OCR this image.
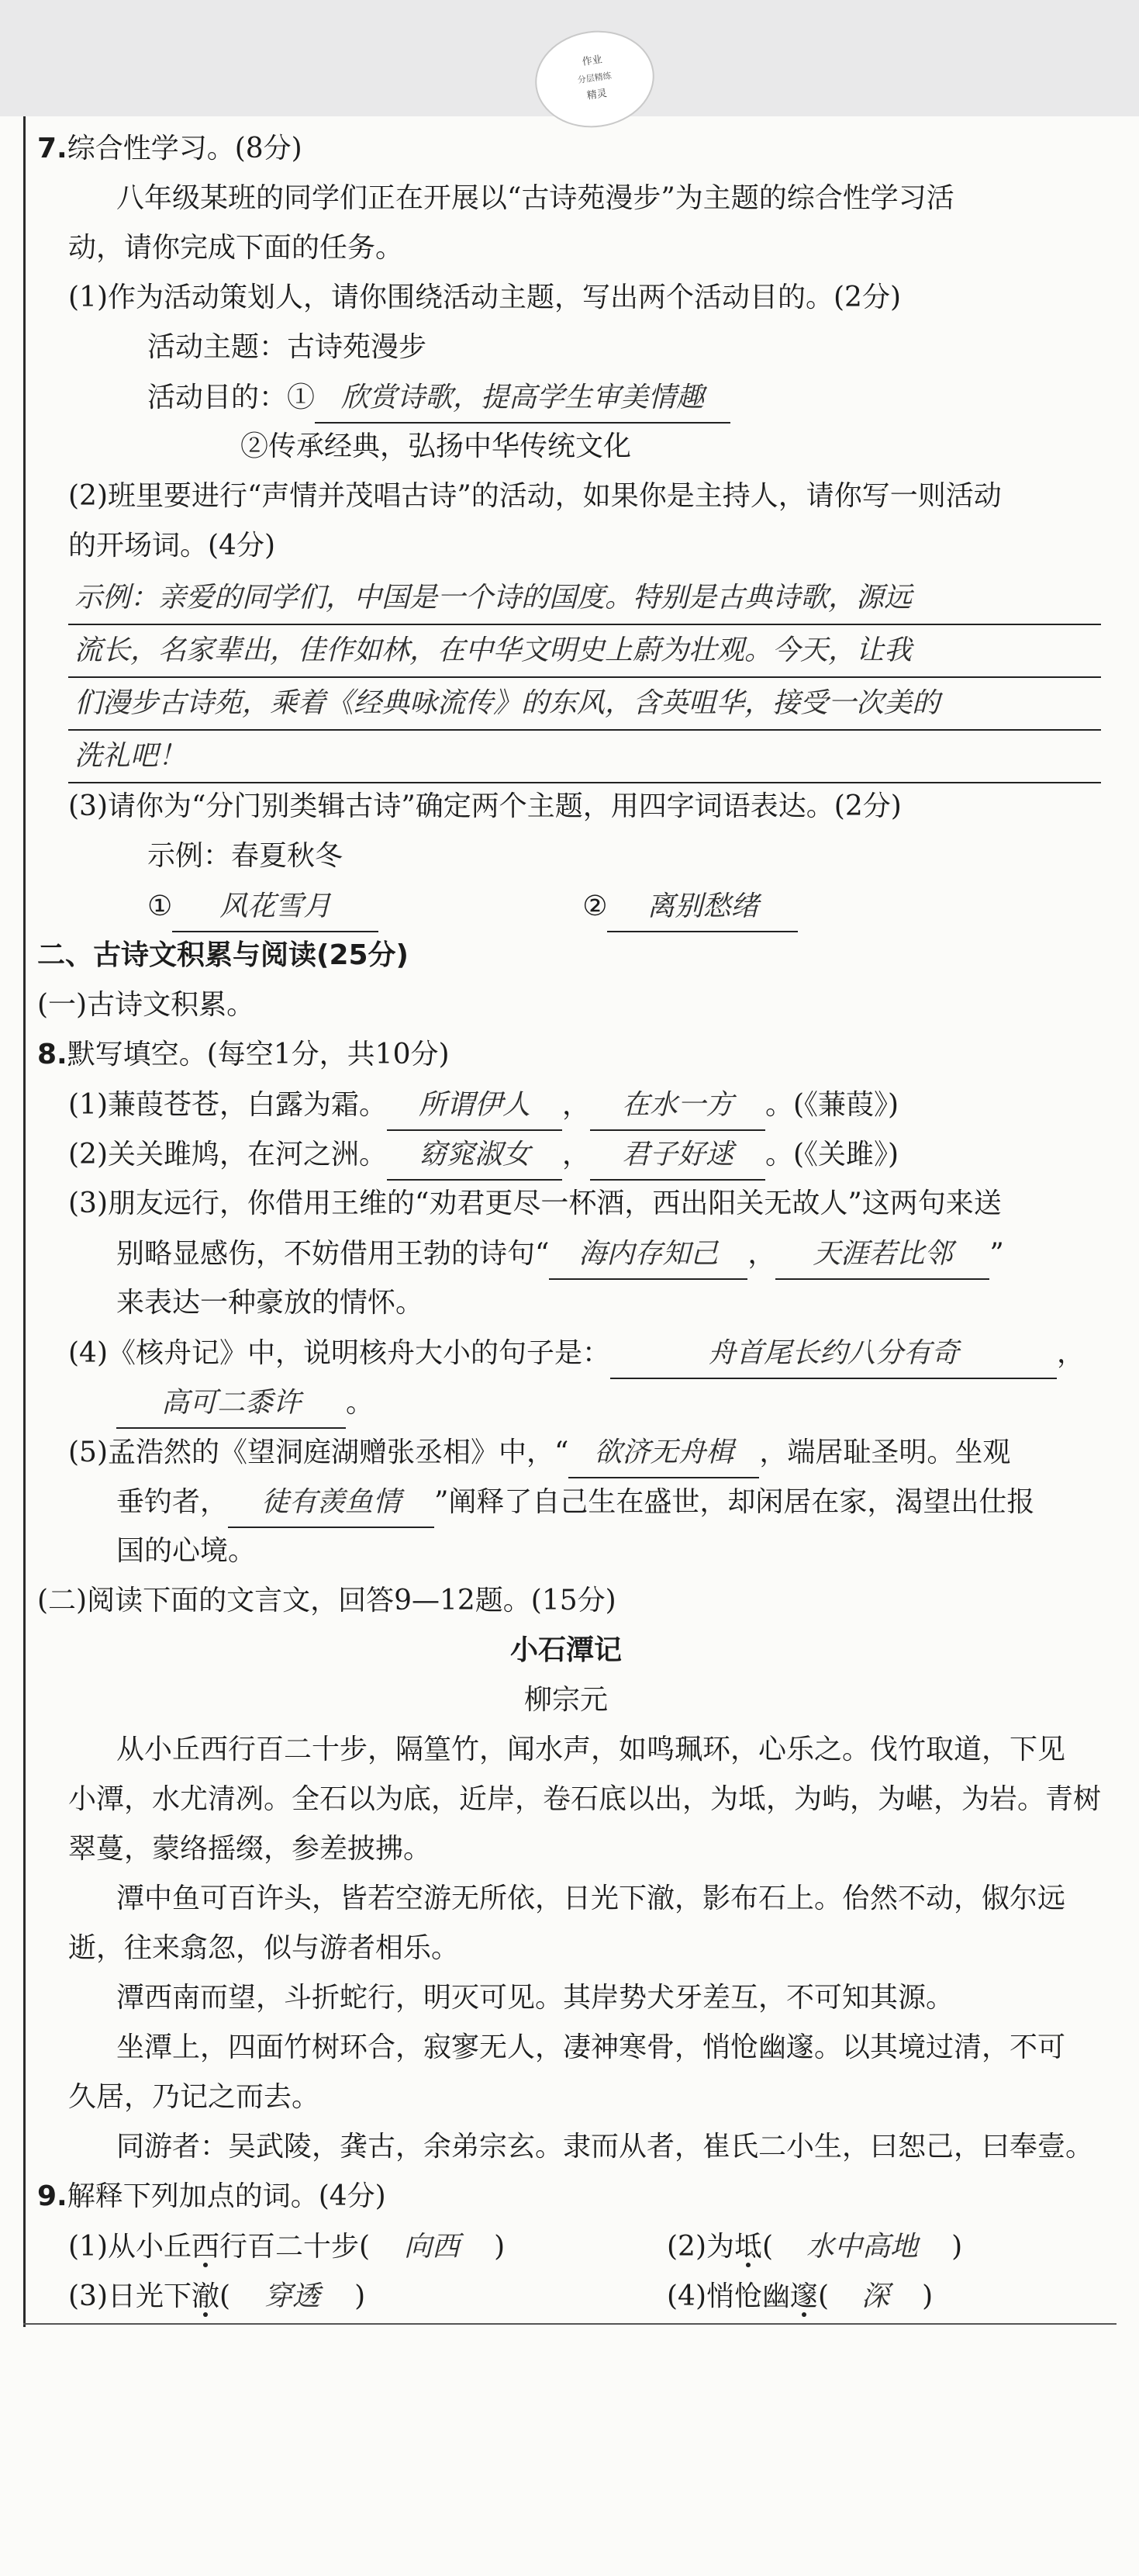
作业
分层精练
精灵
7.综合性学习。(8分)
八年级某班的同学们正在开展以“古诗苑漫步”为主题的综合性学习活
动，请你完成下面的任务。
(1)作为活动策划人，请你围绕活动主题，写出两个活动目的。(2分)
活动主题：古诗苑漫步
活动目的：① 欣赏诗歌，提高学生审美情趣
②传承经典，弘扬中华传统文化
(2)班里要进行“声情并茂唱古诗”的活动，如果你是主持人，请你写一则活动
的开场词。(4分)
示例：亲爱的同学们，中国是一个诗的国度。特别是古典诗歌，源远
流长，名家辈出，佳作如林，在中华文明史上蔚为壮观。今天，让我
们漫步古诗苑，乘着《经典咏流传》的东风，含英咀华，接受一次美的
洗礼吧！
(3)请你为“分门别类辑古诗”确定两个主题，用四字词语表达。(2分)
示例：春夏秋冬
① 风花雪月	② 离别愁绪
二、古诗文积累与阅读(25分)
(一)古诗文积累。
8.默写填空。(每空1分，共10分)
(1)蒹葭苍苍，白露为霜。 所谓伊人 ， 在水一方 。(《蒹葭》)
(2)关关雎鸠，在河之洲。 窈窕淑女 ， 君子好逑 。(《关雎》)
(3)朋友远行，你借用王维的“劝君更尽一杯酒，西出阳关无故人”这两句来送
别略显感伤，不妨借用王勃的诗句“ 海内存知己 ， 天涯若比邻 ”
来表达一种豪放的情怀。
(4)《核舟记》中，说明核舟大小的句子是：	舟首尾长约八分有奇	，
高可二黍许 。
(5)孟浩然的《望洞庭湖赠张丞相》中，“ 欲济无舟楫 ，端居耻圣明。坐观
垂钓者， 徒有羡鱼情 ”阐释了自己生在盛世，却闲居在家，渴望出仕报
国的心境。
(二)阅读下面的文言文，回答9—12题。(15分)
小石潭记
柳宗元
从小丘西行百二十步，隔篁竹，闻水声，如鸣珮环，心乐之。伐竹取道，下见
小潭，水尤清冽。全石以为底，近岸，卷石底以出，为坻，为屿，为嵁，为岩。青树
翠蔓，蒙络摇缀，参差披拂。
潭中鱼可百许头，皆若空游无所依，日光下澈，影布石上。佁然不动，俶尔远
逝，往来翕忽，似与游者相乐。
潭西南而望，斗折蛇行，明灭可见。其岸势犬牙差互，不可知其源。
坐潭上，四面竹树环合，寂寥无人，凄神寒骨，悄怆幽邃。以其境过清，不可
久居，乃记之而去。
同游者：吴武陵，龚古，余弟宗玄。隶而从者，崔氏二小生，曰恕己，曰奉壹。
9.解释下列加点的词。(4分)
(1)从小丘西行百二十步( 向西 )	(2)为坻( 水中高地 )
(3)日光下澈( 穿透 )	(4)悄怆幽邃( 深 )
